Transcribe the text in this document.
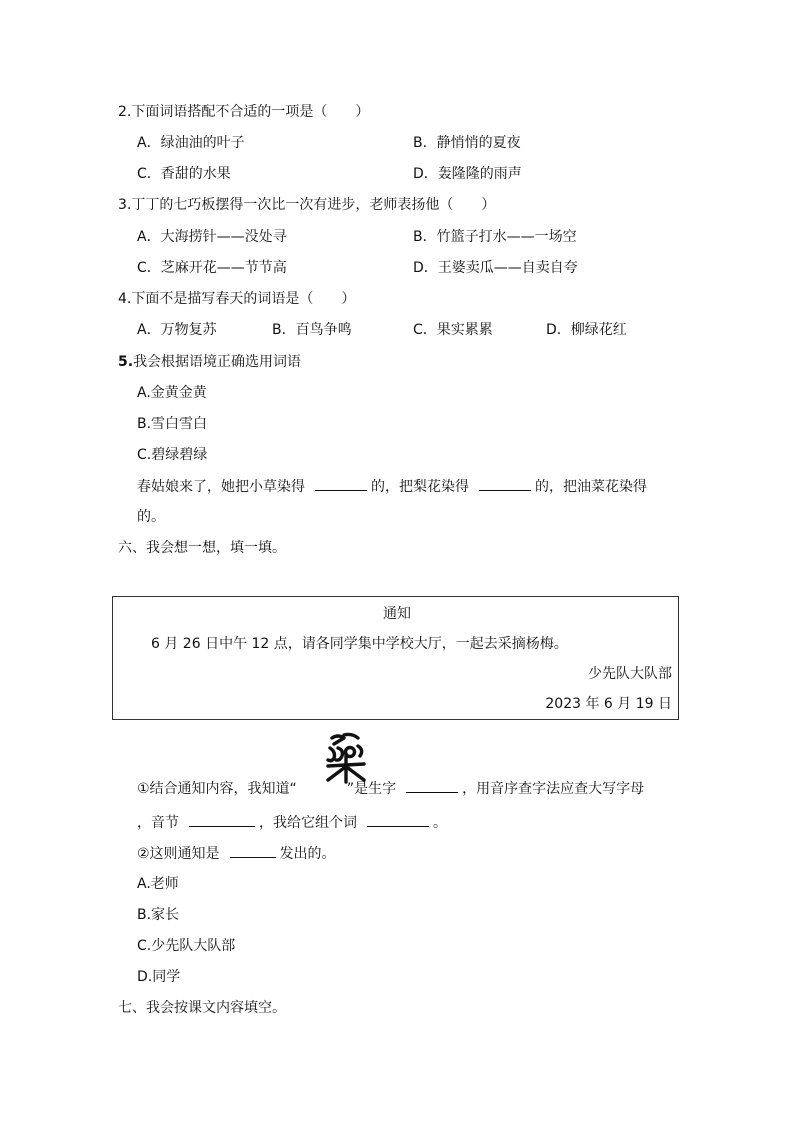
2.下面词语搭配不合适的一项是（　　）
A．绿油油的叶子	B．静悄悄的夏夜
C．香甜的水果	D．轰隆隆的雨声
3.丁丁的七巧板摆得一次比一次有进步，老师表扬他（　　）
A．大海捞针——没处寻	B．竹篮子打水——一场空
C．芝麻开花——节节高	D．王婆卖瓜——自卖自夸
4.下面不是描写春天的词语是（　　）
A．万物复苏	B．百鸟争鸣	C．果实累累	D．柳绿花红
5.我会根据语境正确选用词语
A.金黄金黄
B.雪白雪白
C.碧绿碧绿
春姑娘来了，她把小草染得	的，把梨花染得	的，把油菜花染得
的。
六、我会想一想，填一填。
通知
6 月 26 日中午 12 点，请各同学集中学校大厅，一起去采摘杨梅。
少先队大队部
2023 年 6 月 19 日
①结合通知内容，我知道“	”是生字	，用音序查字法应查大写字母
，音节	，我给它组个词	。
②这则通知是	发出的。
A.老师
B.家长
C.少先队大队部
D.同学
七、我会按课文内容填空。
